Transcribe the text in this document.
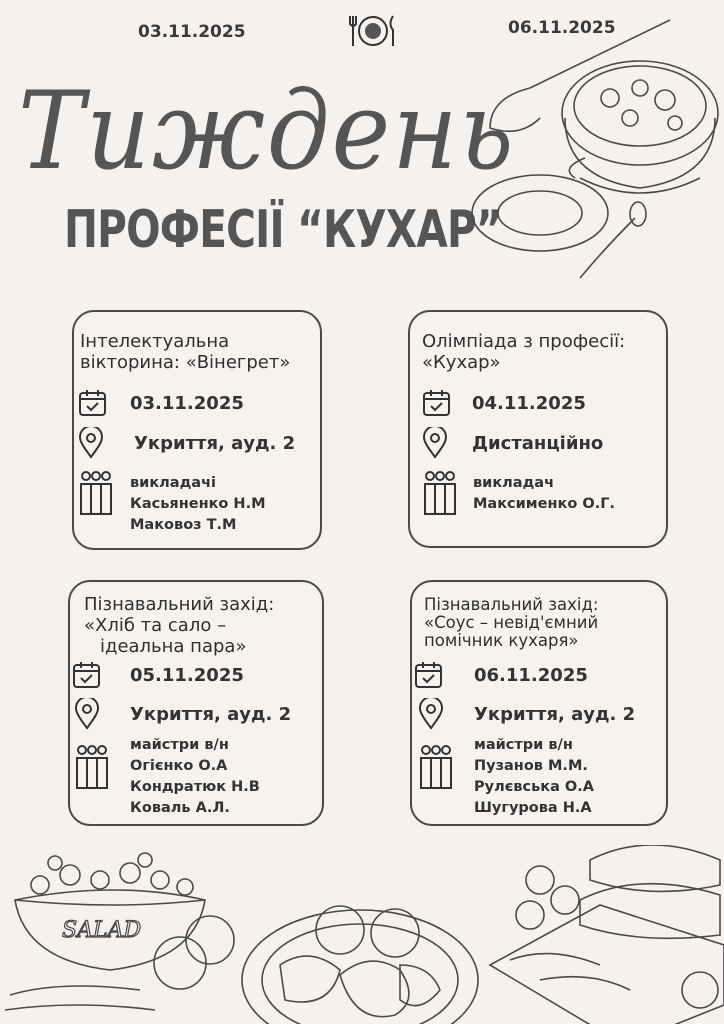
03.11.2025	06.11.2025
Тиждень
ПРОФЕСІЇ “КУХАР”
Інтелектуальна
вікторина: «Вінегрет»
03.11.2025
Укриття, ауд. 2
викладачі
Касьяненко Н.М
Маковоз Т.М
Олімпіада з професії:
«Кухар»
04.11.2025
Дистанційно
викладач
Максименко О.Г.
Пізнавальний захід:
«Хліб та сало –
ідеальна пара»
05.11.2025
Укриття, ауд. 2
майстри в/н
Огієнко О.А
Кондратюк Н.В
Коваль А.Л.
Пізнавальний захід:
«Соус – невід'ємний
помічник кухаря»
06.11.2025
Укриття, ауд. 2
майстри в/н
Пузанов М.М.
Рулєвська О.А
Шугурова Н.А
SALAD
